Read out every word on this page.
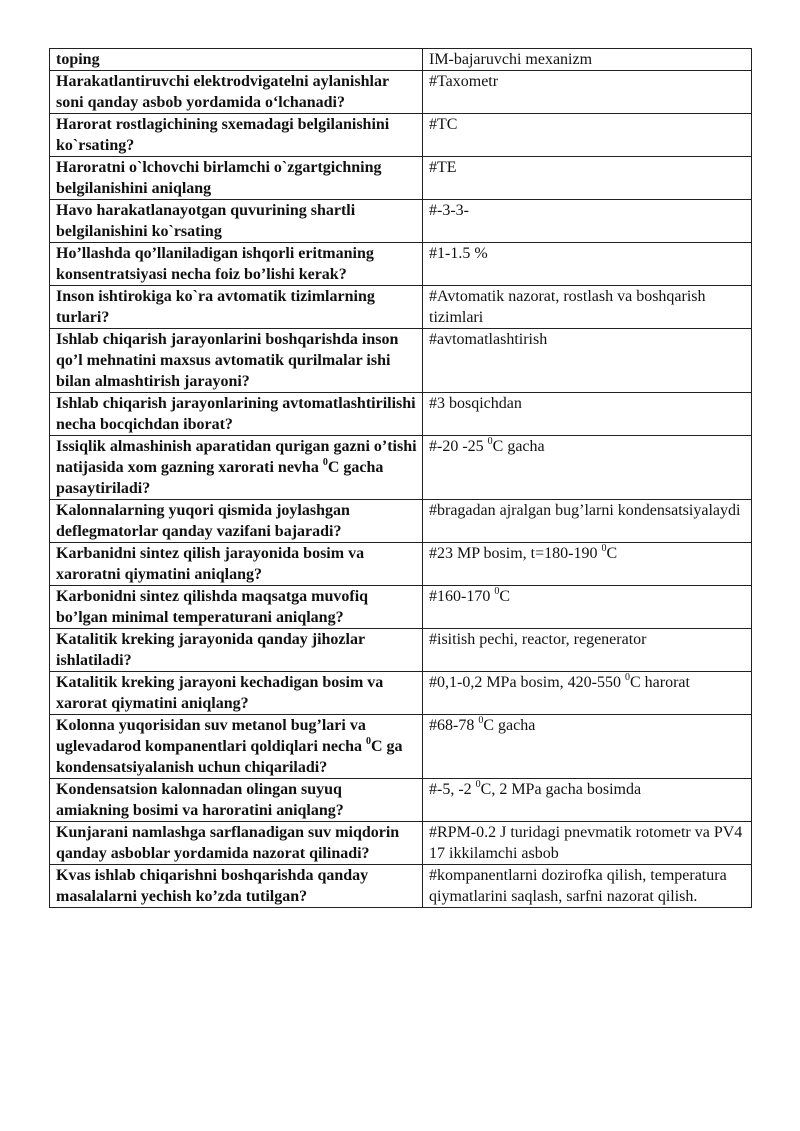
toping	IM-bajaruvchi mexanizm
Harakatlantiruvchi elektrodvigatelni aylanishlar soni qanday asbob yordamida o‘lchanadi?	#Taxometr
Harorat rostlagichining sxemadagi belgilanishini ko`rsating?	#TC
Haroratni o`lchovchi birlamchi o`zgartgichning belgilanishini aniqlang	#TE
Havo harakatlanayotgan quvurining shartli belgilanishini ko`rsating	#-3-3-
Ho’llashda qo’llaniladigan ishqorli eritmaning konsentratsiyasi necha foiz bo’lishi kerak?	#1-1.5 %
Inson ishtirokiga ko`ra avtomatik tizimlarning turlari?	#Avtomatik nazorat, rostlash va boshqarish tizimlari
Ishlab chiqarish jarayonlarini boshqarishda inson qo’l mehnatini maxsus avtomatik qurilmalar ishi bilan almashtirish jarayoni?	#avtomatlashtirish
Ishlab chiqarish jarayonlarining avtomatlashtirilishi necha bocqichdan iborat?	#3 bosqichdan
Issiqlik almashinish aparatidan qurigan gazni o’tishi natijasida xom gazning xarorati nevha $^0$C gacha pasaytiriladi?	#-20 -25 $^0$C gacha
Kalonnalarning yuqori qismida joylashgan deflegmatorlar qanday vazifani bajaradi?	#bragadan ajralgan bug’larni kondensatsiyalaydi
Karbanidni sintez qilish jarayonida bosim va xaroratni qiymatini aniqlang?	#23 MP bosim, t=180-190 $^0$C
Karbonidni sintez qilishda maqsatga muvofiq bo’lgan minimal temperaturani aniqlang?	#160-170 $^0$C
Katalitik kreking jarayonida qanday jihozlar ishlatiladi?	#isitish pechi, reactor, regenerator
Katalitik kreking jarayoni kechadigan bosim va xarorat qiymatini aniqlang?	#0,1-0,2 MPa bosim, 420-550 $^0$C harorat
Kolonna yuqorisidan suv metanol bug’lari va uglevadarod kompanentlari qoldiqlari necha $^0$C ga kondensatsiyalanish uchun chiqariladi?	#68-78 $^0$C gacha
Kondensatsion kalonnadan olingan suyuq amiakning bosimi va haroratini aniqlang?	#-5, -2 $^0$C, 2 MPa gacha bosimda
Kunjarani namlashga sarflanadigan suv miqdorin qanday asboblar yordamida nazorat qilinadi?	#RPM-0.2 J turidagi pnevmatik rotometr va PV4 17 ikkilamchi asbob
Kvas ishlab chiqarishni boshqarishda qanday masalalarni yechish ko’zda tutilgan?	#kompanentlarni dozirofka qilish, temperatura qiymatlarini saqlash, sarfni nazorat qilish.
